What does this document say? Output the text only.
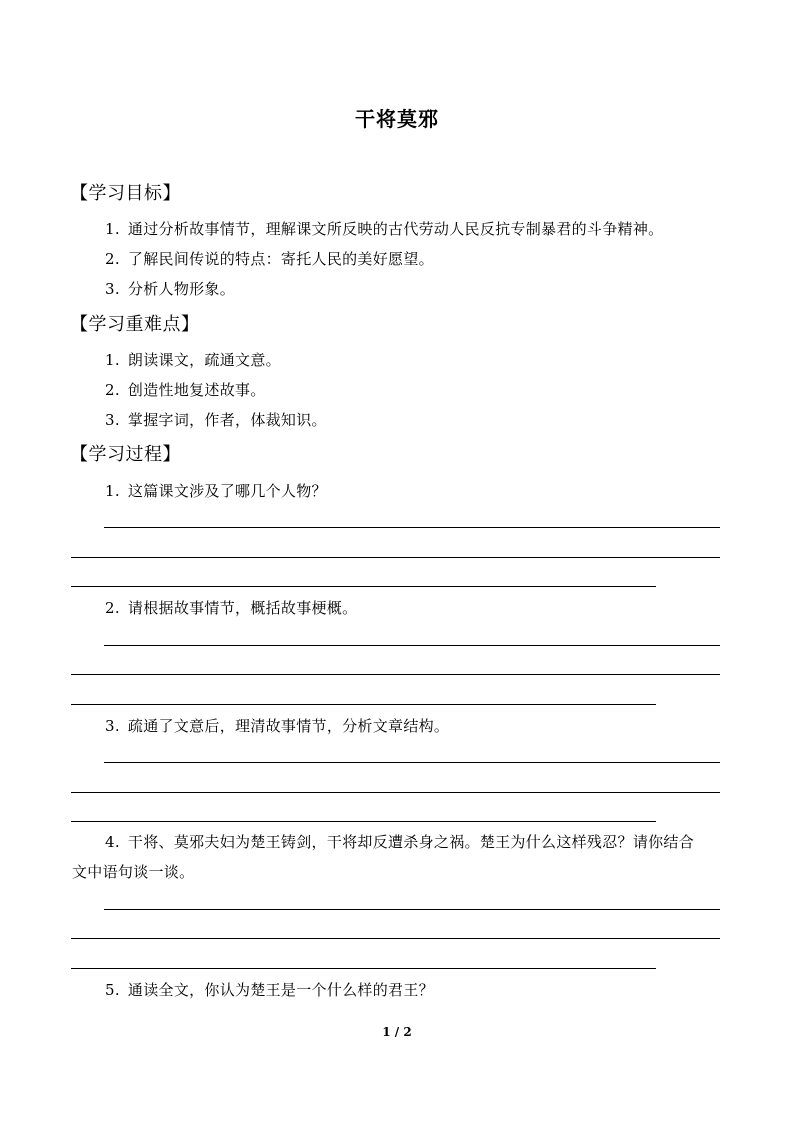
干将莫邪
【学习目标】
1. 通过分析故事情节，理解课文所反映的古代劳动人民反抗专制暴君的斗争精神。
2. 了解民间传说的特点：寄托人民的美好愿望。
3. 分析人物形象。
【学习重难点】
1. 朗读课文，疏通文意。
2. 创造性地复述故事。
3. 掌握字词，作者，体裁知识。
【学习过程】
1. 这篇课文涉及了哪几个人物？
2. 请根据故事情节，概括故事梗概。
3. 疏通了文意后，理清故事情节，分析文章结构。
4. 干将、莫邪夫妇为楚王铸剑，干将却反遭杀身之祸。楚王为什么这样残忍？请你结合
文中语句谈一谈。
5. 通读全文，你认为楚王是一个什么样的君王？
1 / 2
